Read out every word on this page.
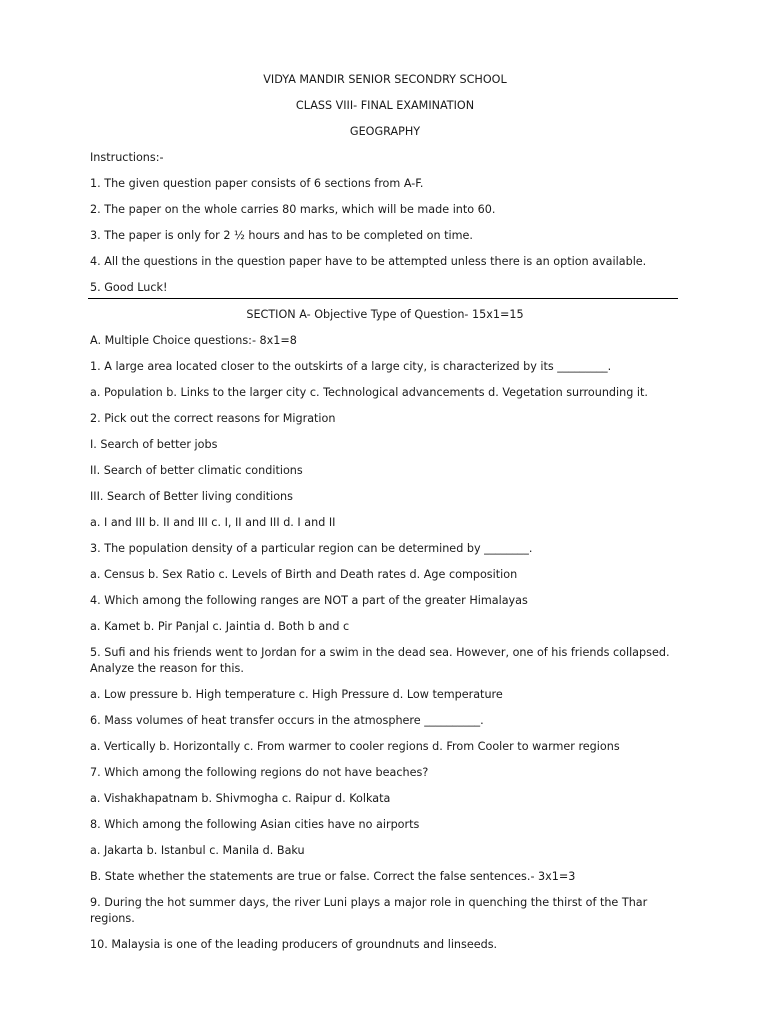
VIDYA MANDIR SENIOR SECONDRY SCHOOL
CLASS VIII- FINAL EXAMINATION
GEOGRAPHY
Instructions:-
1. The given question paper consists of 6 sections from A-F.
2. The paper on the whole carries 80 marks, which will be made into 60.
3. The paper is only for 2 ½ hours and has to be completed on time.
4. All the questions in the question paper have to be attempted unless there is an option available.
5. Good Luck!
SECTION A- Objective Type of Question- 15x1=15
A. Multiple Choice questions:- 8x1=8
1. A large area located closer to the outskirts of a large city, is characterized by its _________.
a. Population b. Links to the larger city c. Technological advancements d. Vegetation surrounding it.
2. Pick out the correct reasons for Migration
I. Search of better jobs
II. Search of better climatic conditions
III. Search of Better living conditions
a. I and III b. II and III c. I, II and III d. I and II
3. The population density of a particular region can be determined by ________.
a. Census b. Sex Ratio c. Levels of Birth and Death rates d. Age composition
4. Which among the following ranges are NOT a part of the greater Himalayas
a. Kamet b. Pir Panjal c. Jaintia d. Both b and c
5. Sufi and his friends went to Jordan for a swim in the dead sea. However, one of his friends collapsed. Analyze the reason for this.
a. Low pressure b. High temperature c. High Pressure d. Low temperature
6. Mass volumes of heat transfer occurs in the atmosphere __________.
a. Vertically b. Horizontally c. From warmer to cooler regions d. From Cooler to warmer regions
7. Which among the following regions do not have beaches?
a. Vishakhapatnam b. Shivmogha c. Raipur d. Kolkata
8. Which among the following Asian cities have no airports
a. Jakarta b. Istanbul c. Manila d. Baku
B. State whether the statements are true or false. Correct the false sentences.- 3x1=3
9. During the hot summer days, the river Luni plays a major role in quenching the thirst of the Thar regions.
10. Malaysia is one of the leading producers of groundnuts and linseeds.
